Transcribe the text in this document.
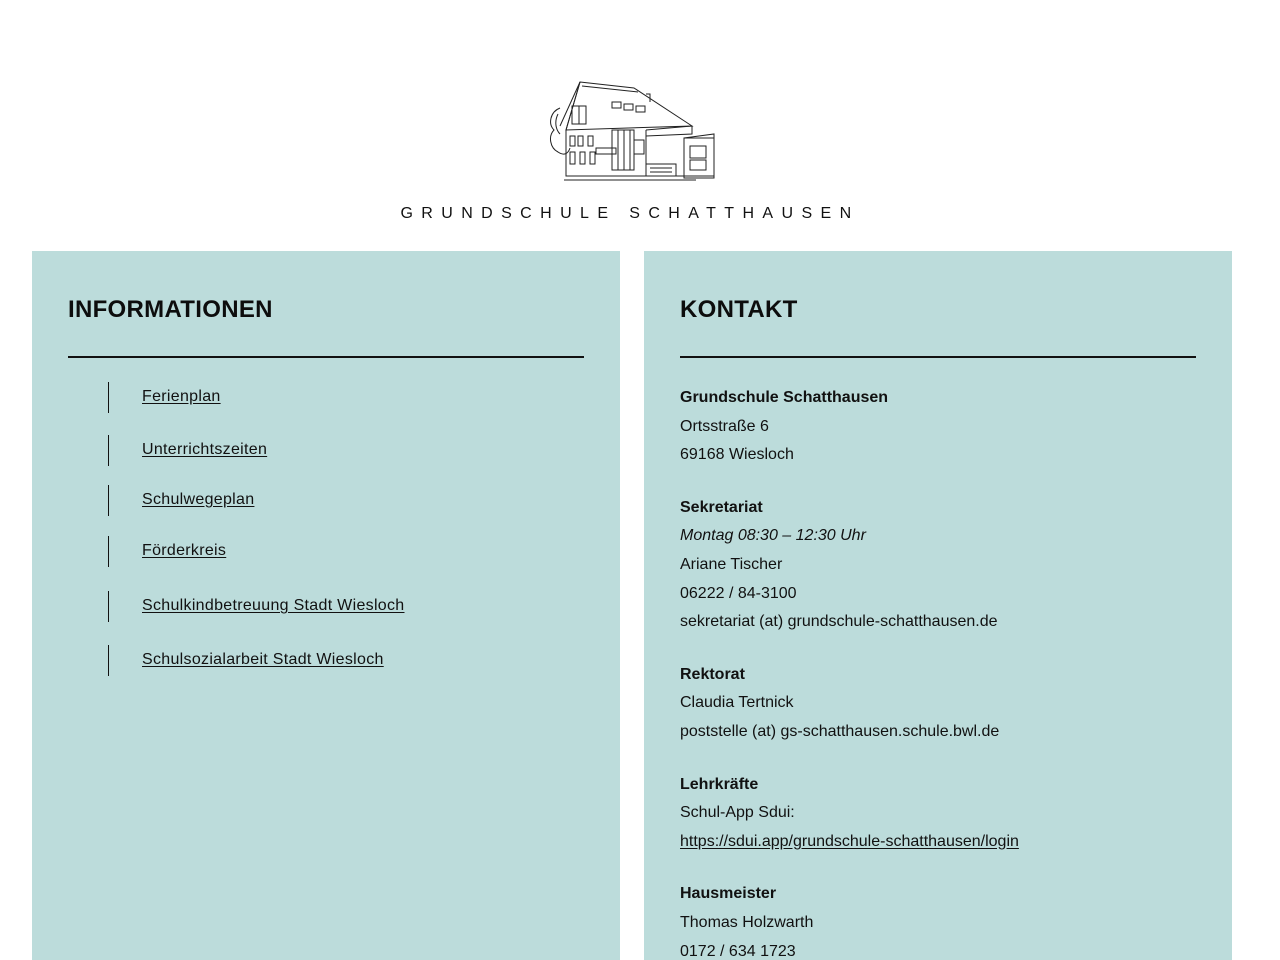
GRUNDSCHULE SCHATTHAUSEN
INFORMATIONEN
Ferienplan
Unterrichtszeiten
Schulwegeplan
Förderkreis
Schulkindbetreuung Stadt Wiesloch
Schulsozialarbeit Stadt Wiesloch
KONTAKT
Grundschule Schatthausen
Ortsstraße 6
69168 Wiesloch
Sekretariat
Montag 08:30 – 12:30 Uhr
Ariane Tischer
06222 / 84-3100
sekretariat (at) grundschule-schatthausen.de
Rektorat
Claudia Tertnick
poststelle (at) gs-schatthausen.schule.bwl.de
Lehrkräfte
Schul-App Sdui:
https://sdui.app/grundschule-schatthausen/login
Hausmeister
Thomas Holzwarth
0172 / 634 1723
